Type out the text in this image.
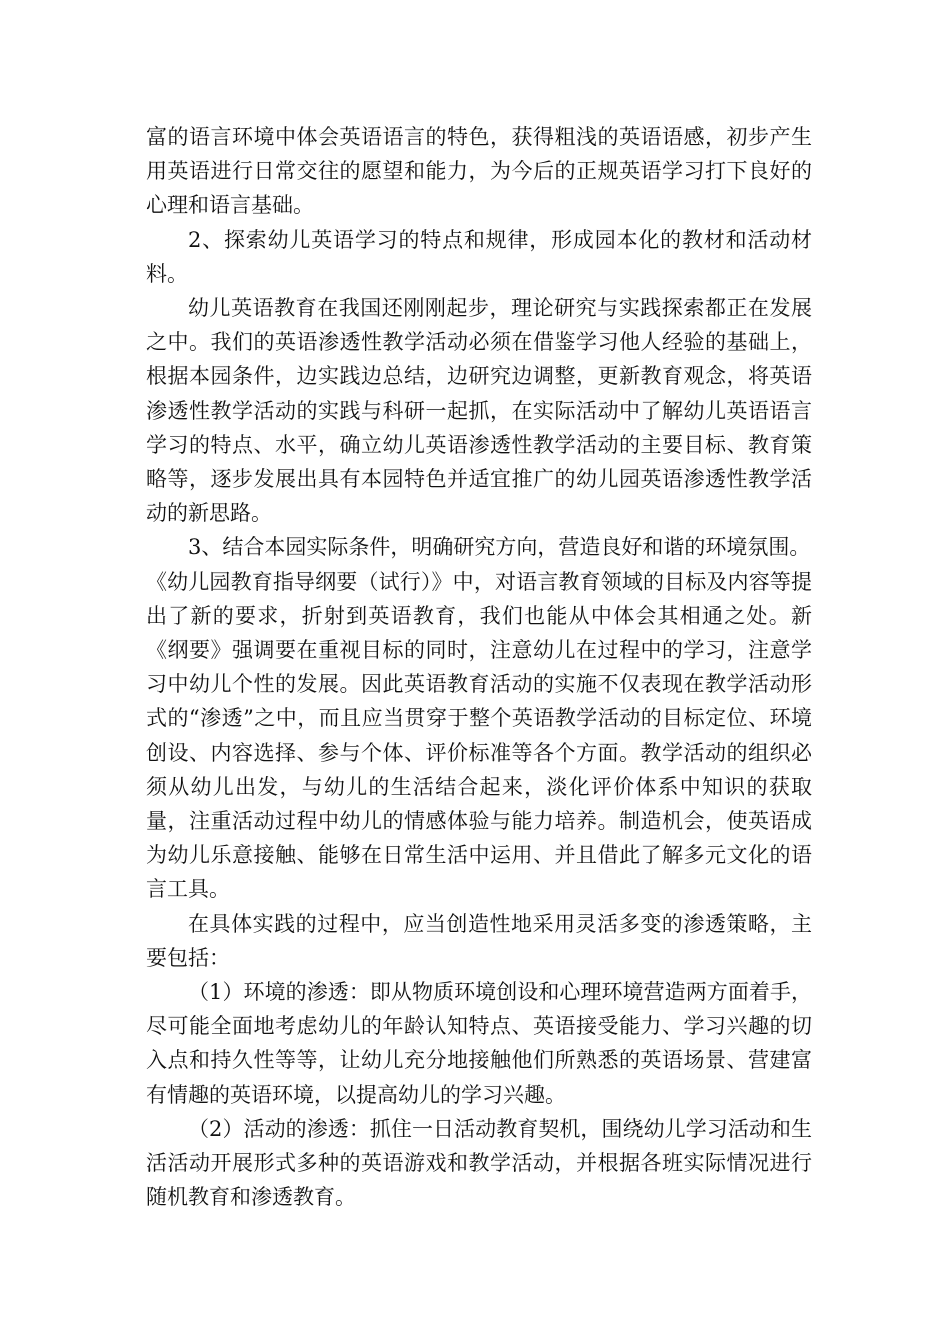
富的语言环境中体会英语语言的特色，获得粗浅的英语语感，初步产生用英语进行日常交往的愿望和能力，为今后的正规英语学习打下良好的心理和语言基础。

2、探索幼儿英语学习的特点和规律，形成园本化的教材和活动材料。

幼儿英语教育在我国还刚刚起步，理论研究与实践探索都正在发展之中。我们的英语渗透性教学活动必须在借鉴学习他人经验的基础上，根据本园条件，边实践边总结，边研究边调整，更新教育观念，将英语渗透性教学活动的实践与科研一起抓，在实际活动中了解幼儿英语语言学习的特点、水平，确立幼儿英语渗透性教学活动的主要目标、教育策略等，逐步发展出具有本园特色并适宜推广的幼儿园英语渗透性教学活动的新思路。

3、结合本园实际条件，明确研究方向，营造良好和谐的环境氛围。

《幼儿园教育指导纲要（试行）》中，对语言教育领域的目标及内容等提出了新的要求，折射到英语教育，我们也能从中体会其相通之处。新《纲要》强调要在重视目标的同时，注意幼儿在过程中的学习，注意学习中幼儿个性的发展。因此英语教育活动的实施不仅表现在教学活动形式的“渗透”之中，而且应当贯穿于整个英语教学活动的目标定位、环境创设、内容选择、参与个体、评价标准等各个方面。教学活动的组织必须从幼儿出发，与幼儿的生活结合起来，淡化评价体系中知识的获取量，注重活动过程中幼儿的情感体验与能力培养。制造机会，使英语成为幼儿乐意接触、能够在日常生活中运用、并且借此了解多元文化的语言工具。

在具体实践的过程中，应当创造性地采用灵活多变的渗透策略，主要包括：

（1）环境的渗透：即从物质环境创设和心理环境营造两方面着手，尽可能全面地考虑幼儿的年龄认知特点、英语接受能力、学习兴趣的切入点和持久性等等，让幼儿充分地接触他们所熟悉的英语场景、营建富有情趣的英语环境，以提高幼儿的学习兴趣。

（2）活动的渗透：抓住一日活动教育契机，围绕幼儿学习活动和生活活动开展形式多种的英语游戏和教学活动，并根据各班实际情况进行随机教育和渗透教育。
